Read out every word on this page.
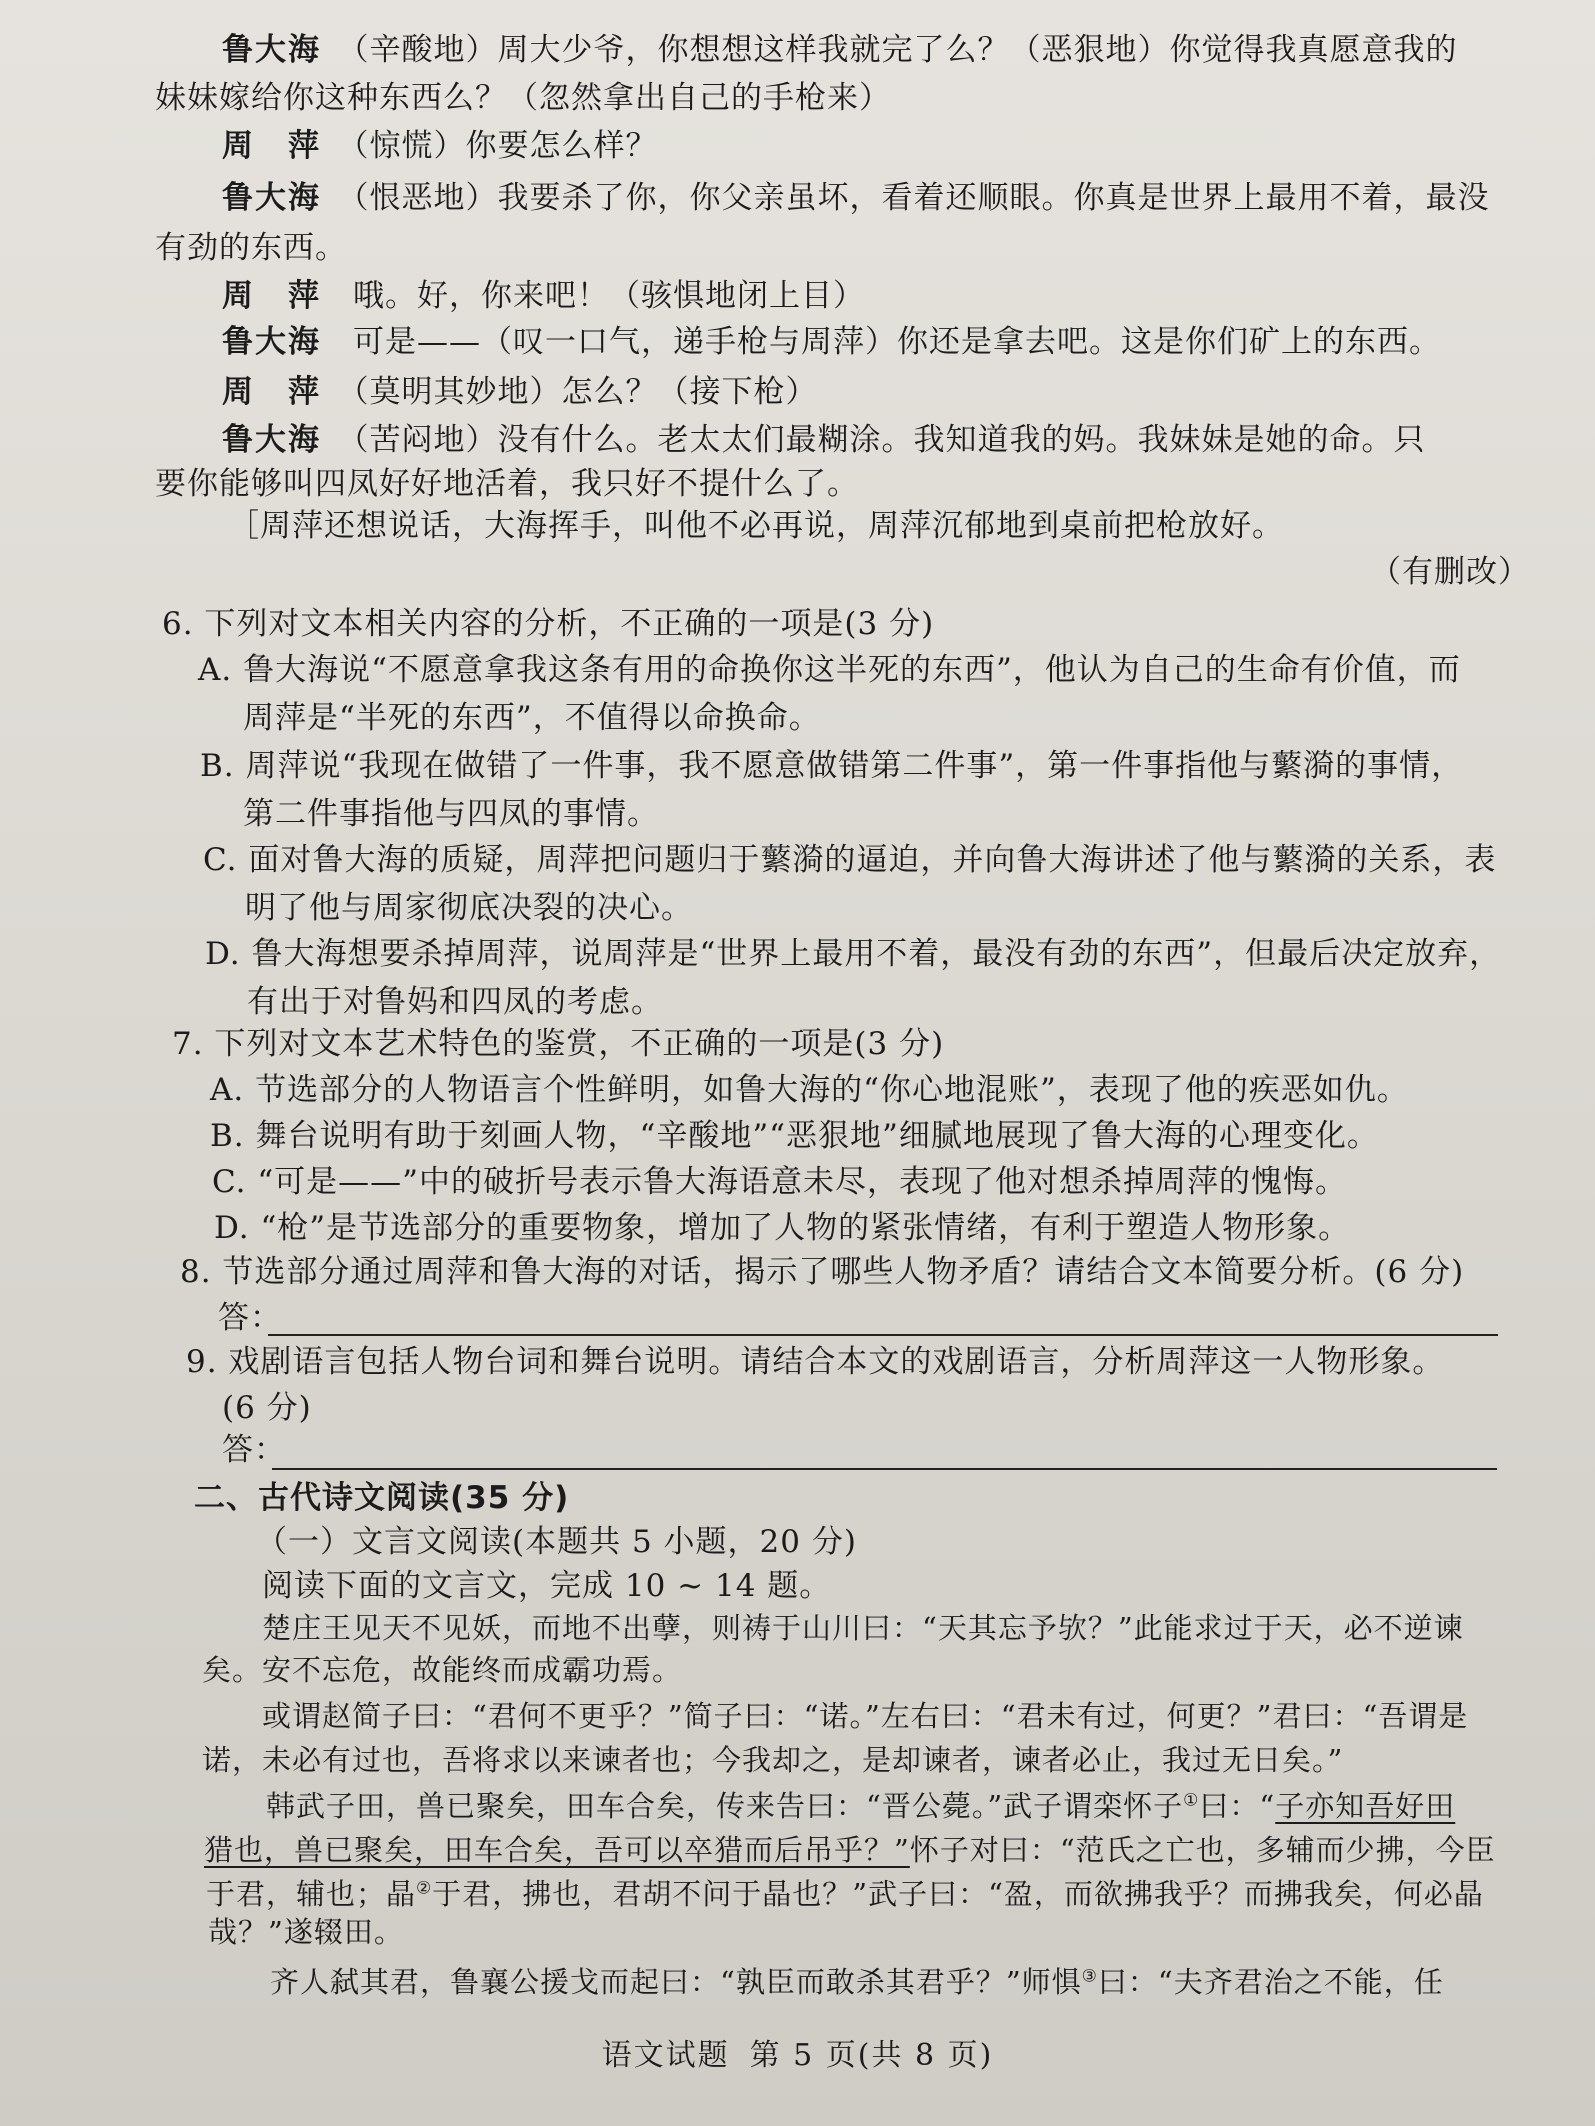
鲁大海　 （辛酸地）周大少爷，你想想这样我就完了么？（恶狠地）你觉得我真愿意我的

妹妹嫁给你这种东西么？（忽然拿出自己的手枪来）

周　萍　 （惊慌）你要怎么样？

鲁大海　 （恨恶地）我要杀了你，你父亲虽坏，看着还顺眼。你真是世界上最用不着，最没

有劲的东西。

周　萍　 哦。好，你来吧！（骇惧地闭上目）

鲁大海　 可是——（叹一口气，递手枪与周萍）你还是拿去吧。这是你们矿上的东西。

周　萍　 （莫明其妙地）怎么？（接下枪）

鲁大海　 （苦闷地）没有什么。老太太们最糊涂。我知道我的妈。我妹妹是她的命。只

要你能够叫四凤好好地活着，我只好不提什么了。

［周萍还想说话，大海挥手，叫他不必再说，周萍沉郁地到桌前把枪放好。

（有删改）

6. 下列对文本相关内容的分析，不正确的一项是(3 分)

A. 鲁大海说“不愿意拿我这条有用的命换你这半死的东西”，他认为自己的生命有价值，而

周萍是“半死的东西”，不值得以命换命。

B. 周萍说“我现在做错了一件事，我不愿意做错第二件事”，第一件事指他与蘩漪的事情，

第二件事指他与四凤的事情。

C. 面对鲁大海的质疑，周萍把问题归于蘩漪的逼迫，并向鲁大海讲述了他与蘩漪的关系，表

明了他与周家彻底决裂的决心。

D. 鲁大海想要杀掉周萍，说周萍是“世界上最用不着，最没有劲的东西”，但最后决定放弃，

有出于对鲁妈和四凤的考虑。

7. 下列对文本艺术特色的鉴赏，不正确的一项是(3 分)

A. 节选部分的人物语言个性鲜明，如鲁大海的“你心地混账”，表现了他的疾恶如仇。

B. 舞台说明有助于刻画人物，“辛酸地”“恶狠地”细腻地展现了鲁大海的心理变化。

C. “可是——”中的破折号表示鲁大海语意未尽，表现了他对想杀掉周萍的愧悔。

D. “枪”是节选部分的重要物象，增加了人物的紧张情绪，有利于塑造人物形象。

8. 节选部分通过周萍和鲁大海的对话，揭示了哪些人物矛盾？请结合文本简要分析。(6 分)

答：

9. 戏剧语言包括人物台词和舞台说明。请结合本文的戏剧语言，分析周萍这一人物形象。

(6 分)

答：

二、古代诗文阅读(35 分)

（一）文言文阅读(本题共 5 小题，20 分)

阅读下面的文言文，完成 10 ~ 14 题。

楚庄王见天不见妖，而地不出孽，则祷于山川曰：“天其忘予欤？”此能求过于天，必不逆谏

矣。安不忘危，故能终而成霸功焉。

或谓赵简子曰：“君何不更乎？”简子曰：“诺。”左右曰：“君未有过，何更？”君曰：“吾谓是

诺，未必有过也，吾将求以来谏者也；今我却之，是却谏者，谏者必止，我过无日矣。”

韩武子田，兽已聚矣，田车合矣，传来告曰：“晋公薨。”武子谓栾怀子①曰：“子亦知吾好田

猎也，兽已聚矣，田车合矣，吾可以卒猎而后吊乎？”怀子对曰：“范氏之亡也，多辅而少拂，今臣

于君，辅也；晶②于君，拂也，君胡不问于晶也？”武子曰：“盈，而欲拂我乎？而拂我矣，何必晶

哉？”遂辍田。

齐人弑其君，鲁襄公援戈而起曰：“孰臣而敢杀其君乎？”师惧③曰：“夫齐君治之不能，任

语文试题 第 5 页(共 8 页)
